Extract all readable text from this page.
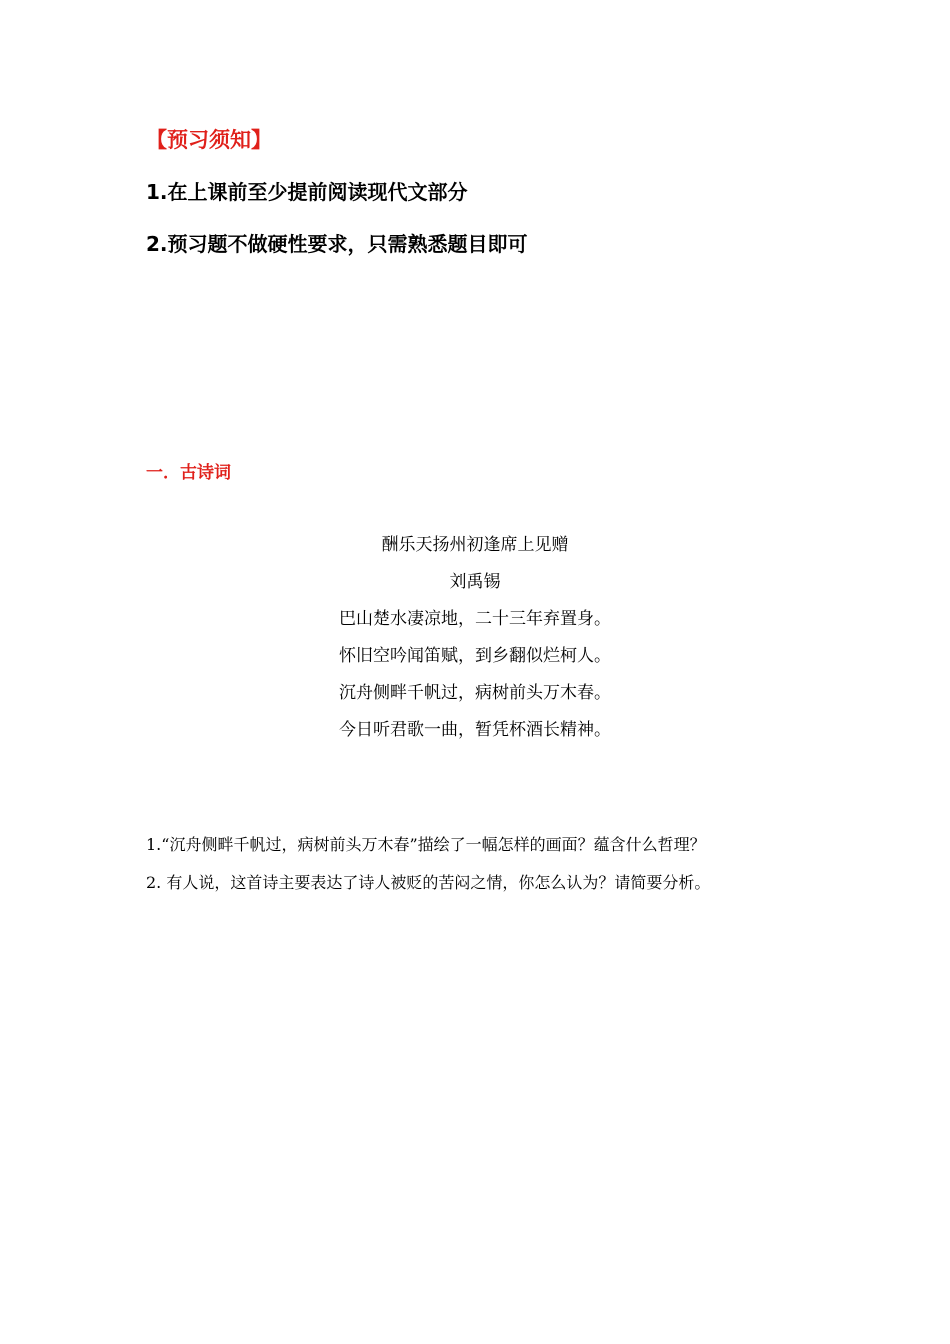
【预习须知】
1.在上课前至少提前阅读现代文部分
2.预习题不做硬性要求，只需熟悉题目即可
一．古诗词
酬乐天扬州初逢席上见赠
刘禹锡
巴山楚水凄凉地，二十三年弃置身。
怀旧空吟闻笛赋，到乡翻似烂柯人。
沉舟侧畔千帆过，病树前头万木春。
今日听君歌一曲，暂凭杯酒长精神。
1.“沉舟侧畔千帆过，病树前头万木春”描绘了一幅怎样的画面？蕴含什么哲理？
2. 有人说，这首诗主要表达了诗人被贬的苦闷之情，你怎么认为？请简要分析。
